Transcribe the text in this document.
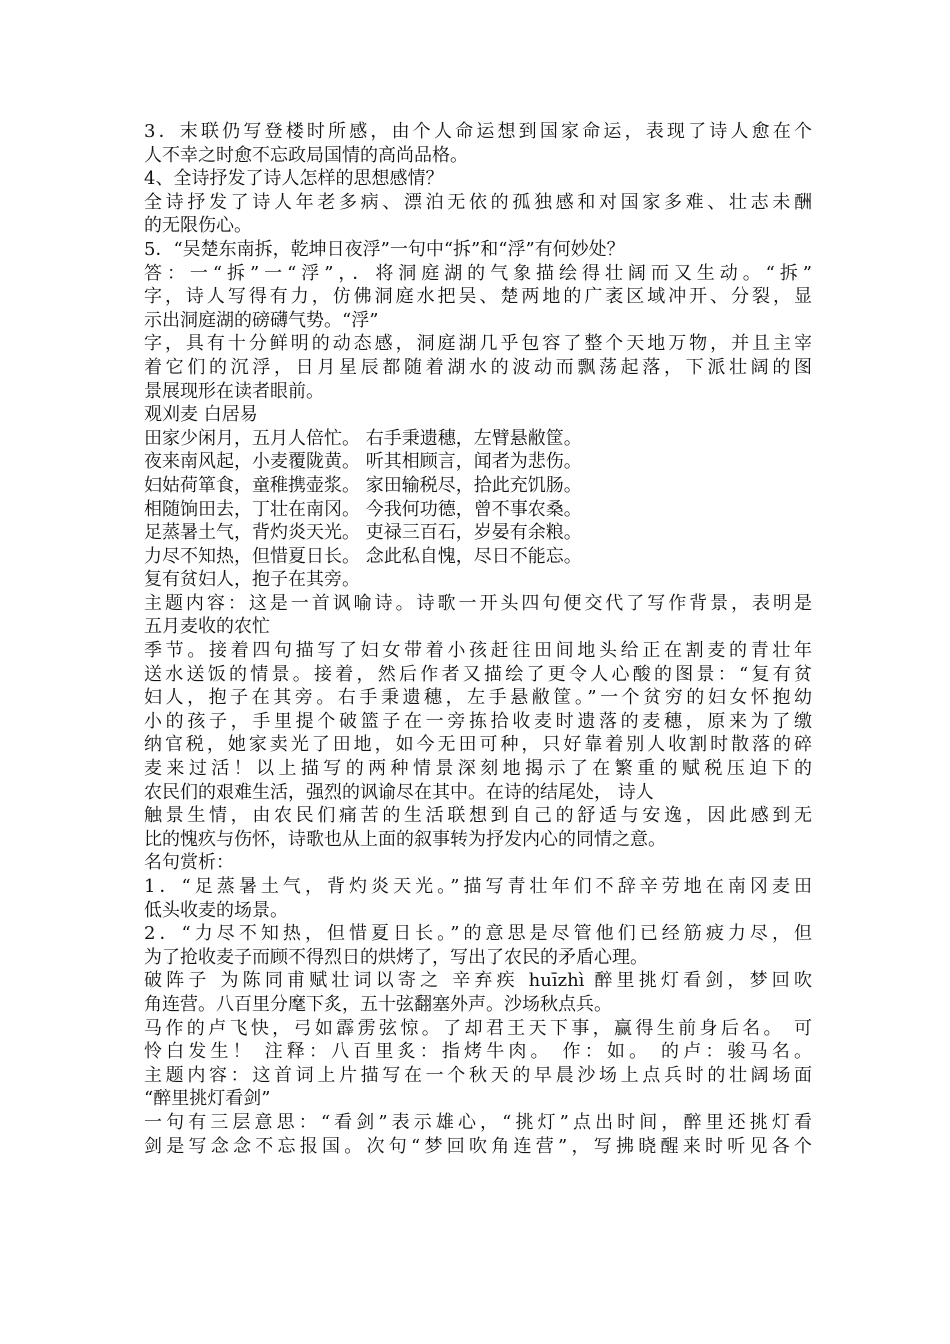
3．末联仍写登楼时所感，由个人命运想到国家命运，表现了诗人愈在个
人不幸之时愈不忘政局国情的高尚品格。
4、全诗抒发了诗人怎样的思想感情？
全诗抒发了诗人年老多病、漂泊无依的孤独感和对国家多难、壮志未酬
的无限伤心。
5．“吴楚东南拆，乾坤日夜浮”一句中“拆”和“浮”有何妙处？
答：一“拆”一“浮”，．将洞庭湖的气象描绘得壮阔而又生动。“拆”
字，诗人写得有力，仿佛洞庭水把吴、楚两地的广袤区域冲开、分裂，显
示出洞庭湖的磅礴气势。“浮”
字，具有十分鲜明的动态感，洞庭湖几乎包容了整个天地万物，并且主宰
着它们的沉浮，日月星辰都随着湖水的波动而飘荡起落，下派壮阔的图
景展现形在读者眼前。
观刈麦 白居易
田家少闲月，五月人倍忙。 右手秉遗穗，左臂悬敝筐。
夜来南风起，小麦覆陇黄。 听其相顾言，闻者为悲伤。
妇姑荷箪食，童稚携壶浆。 家田输税尽，拾此充饥肠。
相随饷田去，丁壮在南冈。 今我何功德，曾不事农桑。
足蒸暑土气，背灼炎天光。 吏禄三百石，岁晏有余粮。
力尽不知热，但惜夏日长。 念此私自愧，尽日不能忘。
复有贫妇人，抱子在其旁。
主题内容：这是一首讽喻诗。诗歌一开头四句便交代了写作背景，表明是
五月麦收的农忙
季节。接着四句描写了妇女带着小孩赶往田间地头给正在割麦的青壮年
送水送饭的情景。接着，然后作者又描绘了更令人心酸的图景：“复有贫
妇人，抱子在其旁。右手秉遗穗，左手悬敝筐。”一个贫穷的妇女怀抱幼
小的孩子，手里提个破篮子在一旁拣拾收麦时遗落的麦穗，原来为了缴
纳官税，她家卖光了田地，如今无田可种，只好靠着别人收割时散落的碎
麦来过活！以上描写的两种情景深刻地揭示了在繁重的赋税压迫下的
农民们的艰难生活，强烈的讽谕尽在其中。在诗的结尾处， 诗人
触景生情，由农民们痛苦的生活联想到自己的舒适与安逸，因此感到无
比的愧疚与伤怀，诗歌也从上面的叙事转为抒发内心的同情之意。
名句赏析：
1．“足蒸暑土气，背灼炎天光。”描写青壮年们不辞辛劳地在南冈麦田
低头收麦的场景。
2．“力尽不知热，但惜夏日长。”的意思是尽管他们已经筋疲力尽，但
为了抢收麦子而顾不得烈日的烘烤了，写出了农民的矛盾心理。
破阵子 为陈同甫赋壮词以寄之 辛弃疾 huīzhì 醉里挑灯看剑，梦回吹
角连营。八百里分麾下炙，五十弦翻塞外声。沙场秋点兵。
马作的卢飞快，弓如霹雳弦惊。了却君王天下事，赢得生前身后名。 可
怜白发生！ 注释：八百里炙：指烤牛肉。 作：如。 的卢：骏马名。
主题内容：这首词上片描写在一个秋天的早晨沙场上点兵时的壮阔场面
“醉里挑灯看剑”
一句有三层意思：“看剑”表示雄心，“挑灯”点出时间，醉里还挑灯看
剑是写念念不忘报国。次句“梦回吹角连营”，写拂晓醒来时听见各个
